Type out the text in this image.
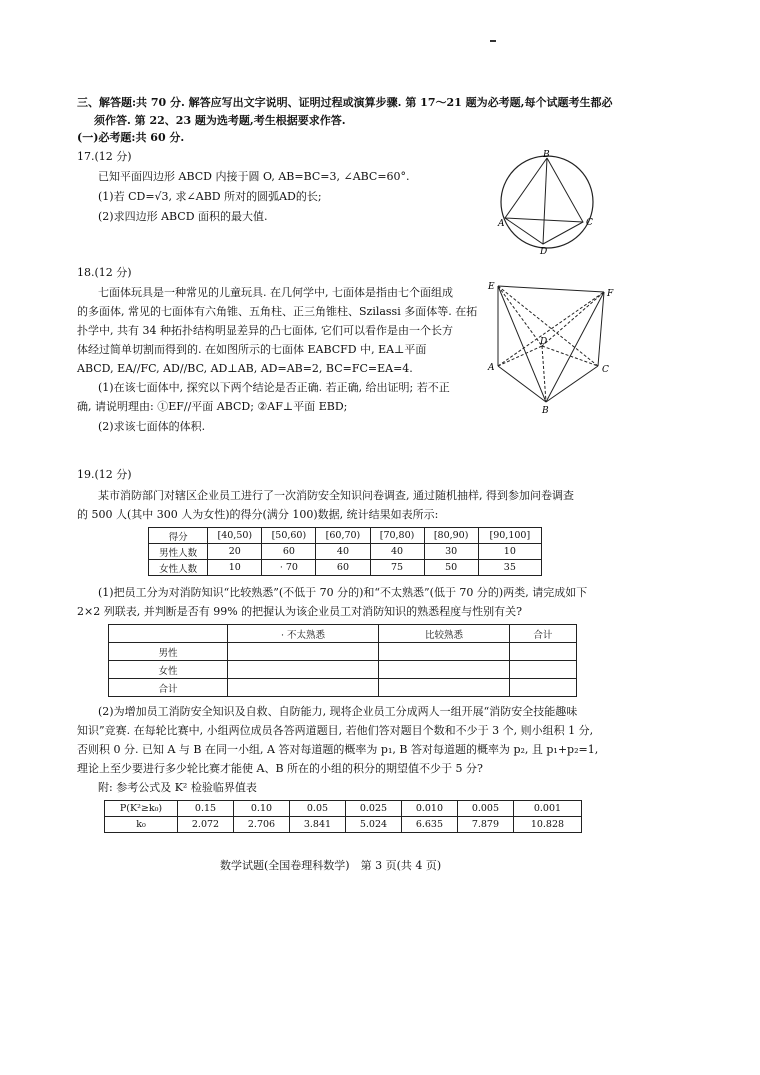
三、解答题:共 70 分. 解答应写出文字说明、证明过程或演算步骤. 第 17～21 题为必考题,每个试题考生都必
须作答. 第 22、23 题为选考题,考生根据要求作答.
(一)必考题:共 60 分.
17.(12 分)
已知平面四边形 ABCD 内接于圆 O, AB=BC=3, ∠ABC=60°.
(1)若 CD=√3, 求∠ABD 所对的圆弧AD的长;
(2)求四边形 ABCD 面积的最大值.
B
A	C
D
18.(12 分)
七面体玩具是一种常见的儿童玩具. 在几何学中, 七面体是指由七个面组成
的多面体, 常见的七面体有六角锥、五角柱、正三角锥柱、Szilassi 多面体等. 在拓
扑学中, 共有 34 种拓扑结构明显差异的凸七面体, 它们可以看作是由一个长方
体经过简单切割而得到的. 在如图所示的七面体 EABCFD 中, EA⊥平面
ABCD, EA//FC, AD//BC, AD⊥AB, AD=AB=2, BC=FC=EA=4.
(1)在该七面体中, 探究以下两个结论是否正确. 若正确, 给出证明; 若不正
确, 请说明理由: ①EF//平面 ABCD; ②AF⊥平面 EBD;
(2)求该七面体的体积.
E
F
A
D
C
B
19.(12 分)
某市消防部门对辖区企业员工进行了一次消防安全知识问卷调查, 通过随机抽样, 得到参加问卷调查
的 500 人(其中 300 人为女性)的得分(满分 100)数据, 统计结果如表所示:
得分	[40,50)	[50,60)	[60,70)	[70,80)	[80,90)	[90,100]
男性人数	20	60	40	40	30	10
女性人数	10	· 70	60	75	50	35
(1)把员工分为对消防知识“比较熟悉”(不低于 70 分的)和“不太熟悉”(低于 70 分的)两类, 请完成如下
2×2 列联表, 并判断是否有 99% 的把握认为该企业员工对消防知识的熟悉程度与性别有关?
	· 不太熟悉	比较熟悉	合计
男性			
女性			
合计			
(2)为增加员工消防安全知识及自救、自防能力, 现将企业员工分成两人一组开展“消防安全技能趣味
知识”竞赛. 在每轮比赛中, 小组两位成员各答两道题目, 若他们答对题目个数和不少于 3 个, 则小组积 1 分,
否则积 0 分. 已知 A 与 B 在同一小组, A 答对每道题的概率为 p₁, B 答对每道题的概率为 p₂, 且 p₁+p₂=1,
理论上至少要进行多少轮比赛才能使 A、B 所在的小组的积分的期望值不少于 5 分?
附: 参考公式及 K² 检验临界值表
P(K²≥k₀)	0.15	0.10	0.05	0.025	0.010	0.005	0.001
k₀	2.072	2.706	3.841	5.024	6.635	7.879	10.828
数学试题(全国卷理科数学)　第 3 页(共 4 页)
